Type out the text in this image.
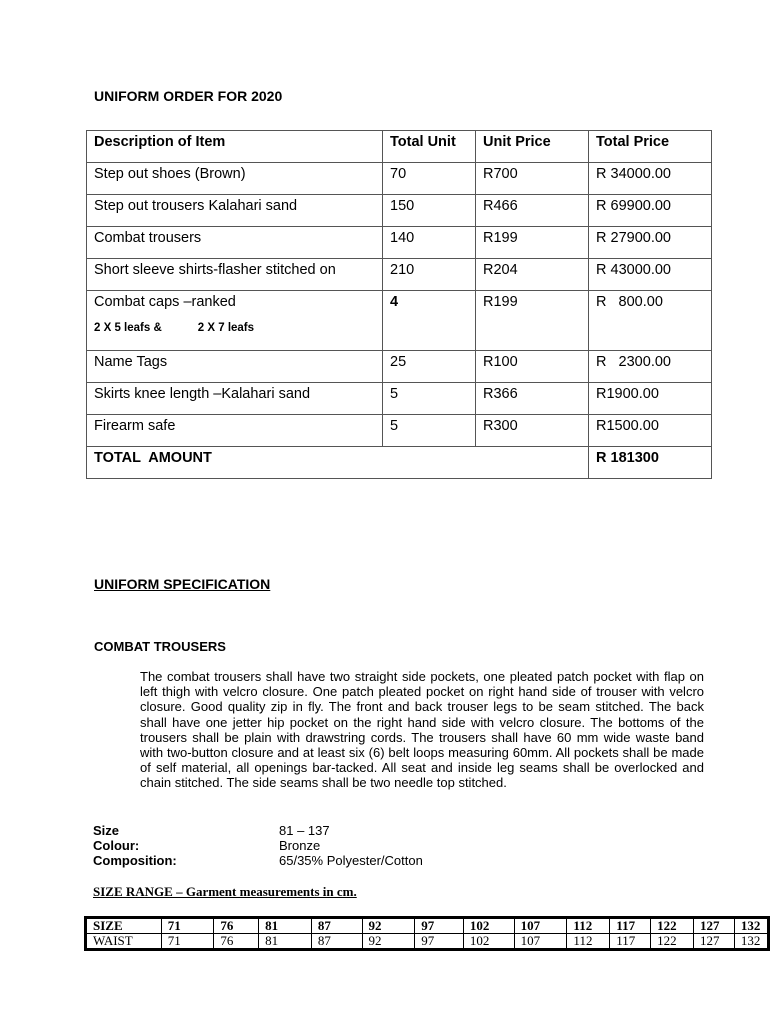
UNIFORM ORDER FOR 2020
Description of Item	Total Unit	Unit Price	Total Price
Step out shoes (Brown)	70	R700	R 34000.00
Step out trousers Kalahari sand	150	R466	R 69900.00
Combat trousers	140	R199	R 27900.00
Short sleeve shirts-flasher stitched on	210	R204	R 43000.00
Combat caps –ranked
2 X 5 leafs & 2 X 7 leafs	4	R199	R   800.00
Name Tags	25	R100	R   2300.00
Skirts knee length –Kalahari sand	5	R366	R1900.00
Firearm safe	5	R300	R1500.00
TOTAL  AMOUNT			R 181300
UNIFORM SPECIFICATION
COMBAT TROUSERS
The combat trousers shall have two straight side pockets, one pleated patch pocket with flap on left thigh with velcro closure. One patch pleated pocket on right hand side of trouser with velcro closure. Good quality zip in fly. The front and back trouser legs to be seam stitched. The back shall have one jetter hip pocket on the right hand side with velcro closure. The bottoms of the trousers shall be plain with drawstring cords. The trousers shall have 60 mm wide waste band with two-button closure and at least six (6) belt loops measuring 60mm. All pockets shall be made of self material, all openings bar-tacked. All seat and inside leg seams shall be overlocked and chain stitched. The side seams shall be two needle top stitched.
Size	81 – 137
Colour:	Bronze
Composition:	65/35% Polyester/Cotton
SIZE RANGE – Garment measurements in cm.
SIZE	71	76	81	87	92	97	102	107	112	117	122	127	132
WAIST	71	76	81	87	92	97	102	107	112	117	122	127	132
